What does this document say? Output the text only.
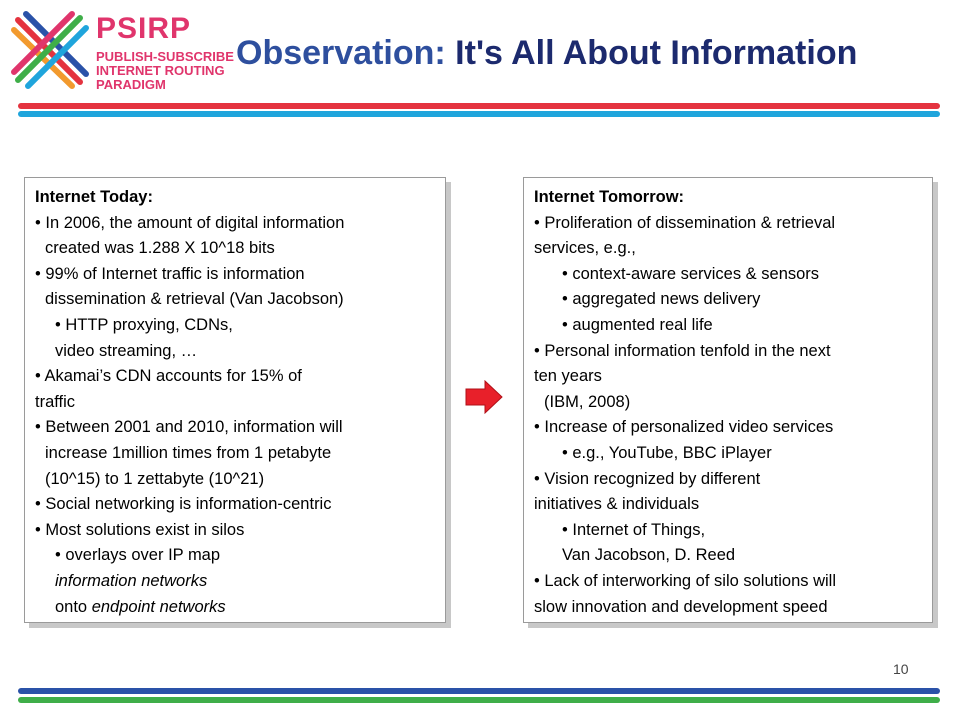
PSIRP
PUBLISH-SUBSCRIBE
INTERNET ROUTING
PARADIGM
Observation: It's All About Information
Internet Today:
• In 2006, the amount of digital information
created was 1.288 X 10^18 bits
• 99% of Internet traffic is information
dissemination & retrieval (Van Jacobson)
• HTTP proxying, CDNs,
video streaming, …
• Akamai’s CDN accounts for 15% of
traffic
• Between 2001 and 2010, information will
increase 1million times from 1 petabyte
(10^15) to 1 zettabyte (10^21)
• Social networking is information-centric
• Most solutions exist in silos
• overlays over IP map
information networks
onto endpoint networks
Internet Tomorrow:
• Proliferation of dissemination & retrieval
services, e.g.,
• context-aware services & sensors
• aggregated news delivery
• augmented real life
• Personal information tenfold in the next
ten years
(IBM, 2008)
• Increase of personalized video services
• e.g., YouTube, BBC iPlayer
• Vision recognized by different
initiatives & individuals
• Internet of Things,
Van Jacobson, D. Reed
• Lack of interworking of silo solutions will
slow innovation and development speed
10
